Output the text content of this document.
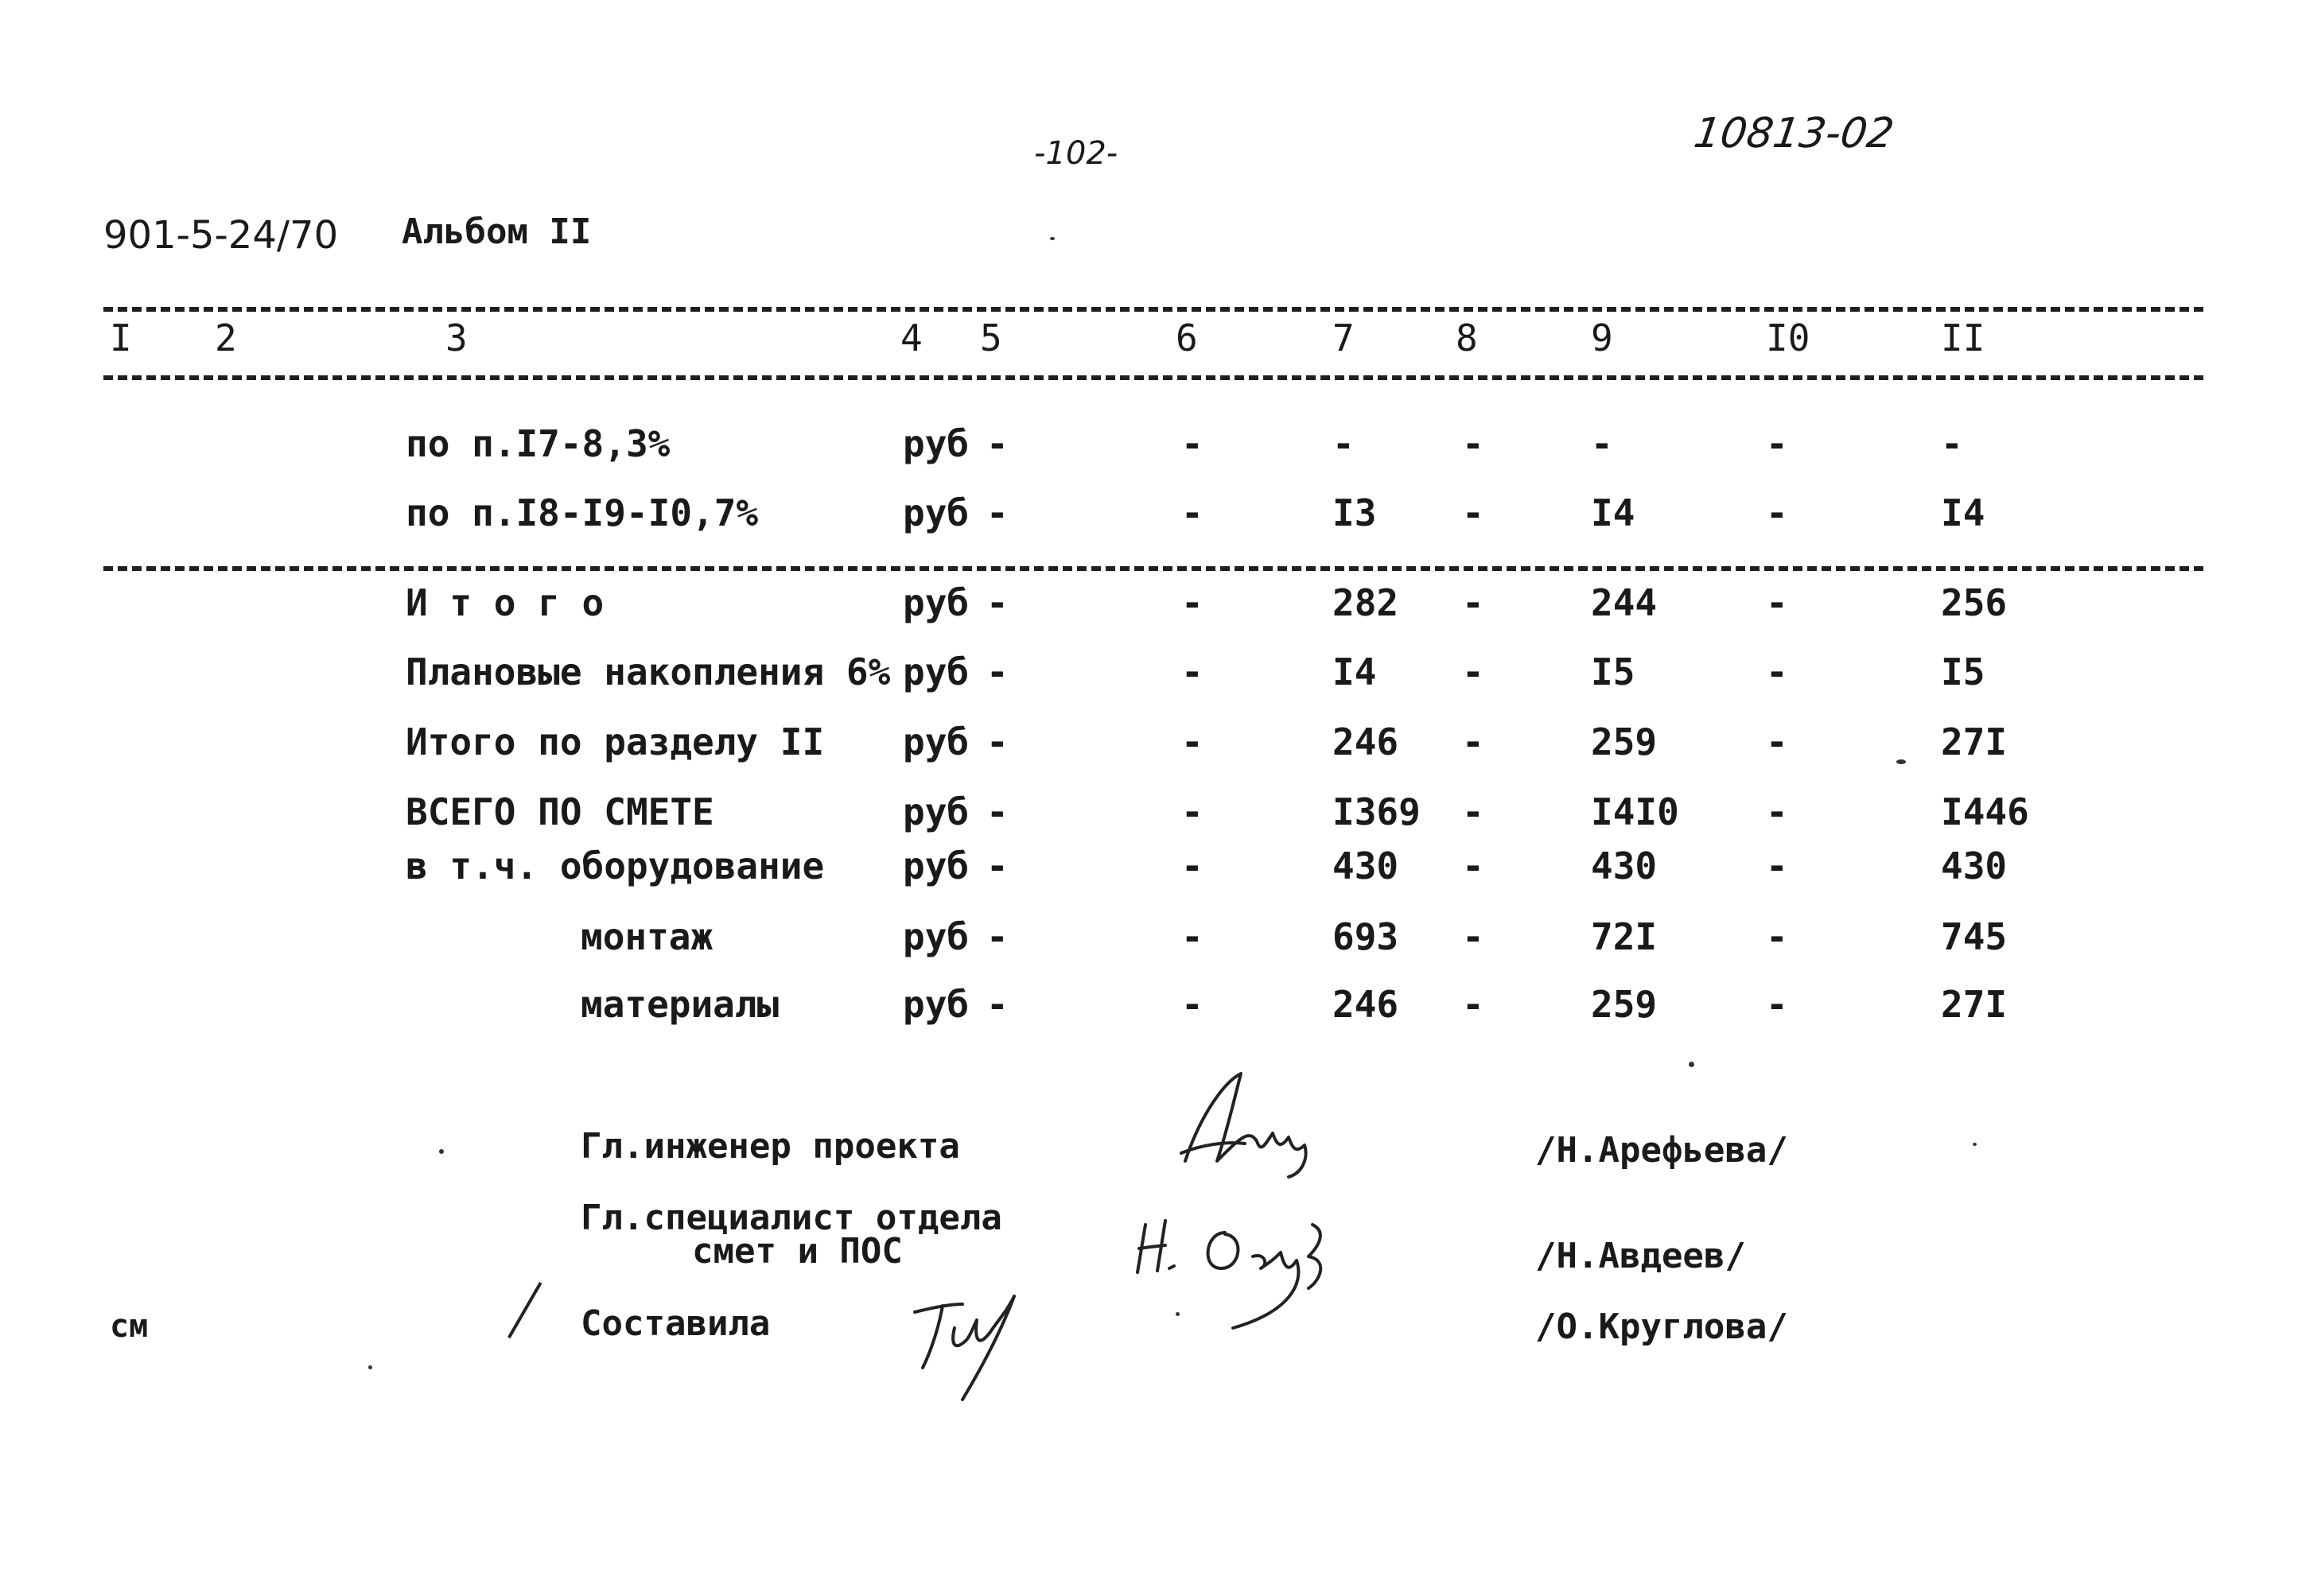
-102-	10813-02
901-5-24/70 Альбом II
I 2	3	4 5	6	7	8	9	I0	II
по п.I7-8,3%	руб -	-	-	-	-	-	-
по п.I8-I9-I0,7%	руб -	-	I3 -	I4	-	I4
И т о г о	руб -	-	282 -	244	-	256
Плановые накопления 6% руб -	-	I4 -	I5	-	I5
Итого по разделу II руб -	-	246 -	259	-	27I
ВСЕГО ПО СМЕТЕ	руб -	-	I369 -	I4I0 -	I446
в т.ч. оборудование руб -	-	430 -	430	-	430
монтаж	руб -	-	693 -	72I	-	745
материалы	руб -	-	246 -	259	-	27I
Гл.инженер проекта	/Н.Арефьева/
Гл.специалист отдела
смет и ПОС	/Н.Авдеев/
см	Составила	/О.Круглова/
